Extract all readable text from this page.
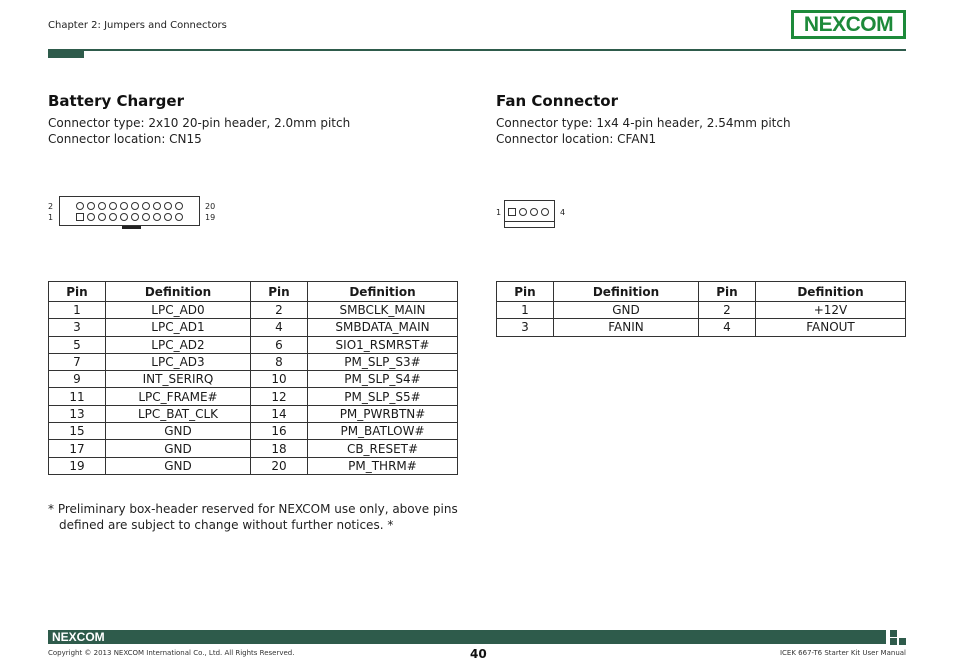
Chapter 2: Jumpers and Connectors	NEXCOM
Battery Charger
Connector type: 2x10 20-pin header, 2.0mm pitch
Connector location: CN15
2
1
20
19
Pin	Definition	Pin	Definition
1	LPC_AD0	2	SMBCLK_MAIN
3	LPC_AD1	4	SMBDATA_MAIN
5	LPC_AD2	6	SIO1_RSMRST#
7	LPC_AD3	8	PM_SLP_S3#
9	INT_SERIRQ	10	PM_SLP_S4#
11	LPC_FRAME#	12	PM_SLP_S5#
13	LPC_BAT_CLK	14	PM_PWRBTN#
15	GND	16	PM_BATLOW#
17	GND	18	CB_RESET#
19	GND	20	PM_THRM#
* Preliminary box-header reserved for NEXCOM use only, above pins
defined are subject to change without further notices. *
Fan Connector
Connector type: 1x4 4-pin header, 2.54mm pitch
Connector location: CFAN1
1	4
Pin	Definition	Pin	Definition
1	GND	2	+12V
3	FANIN	4	FANOUT
NEXCOM
Copyright © 2013 NEXCOM International Co., Ltd. All Rights Reserved.	40	ICEK 667-T6 Starter Kit User Manual
